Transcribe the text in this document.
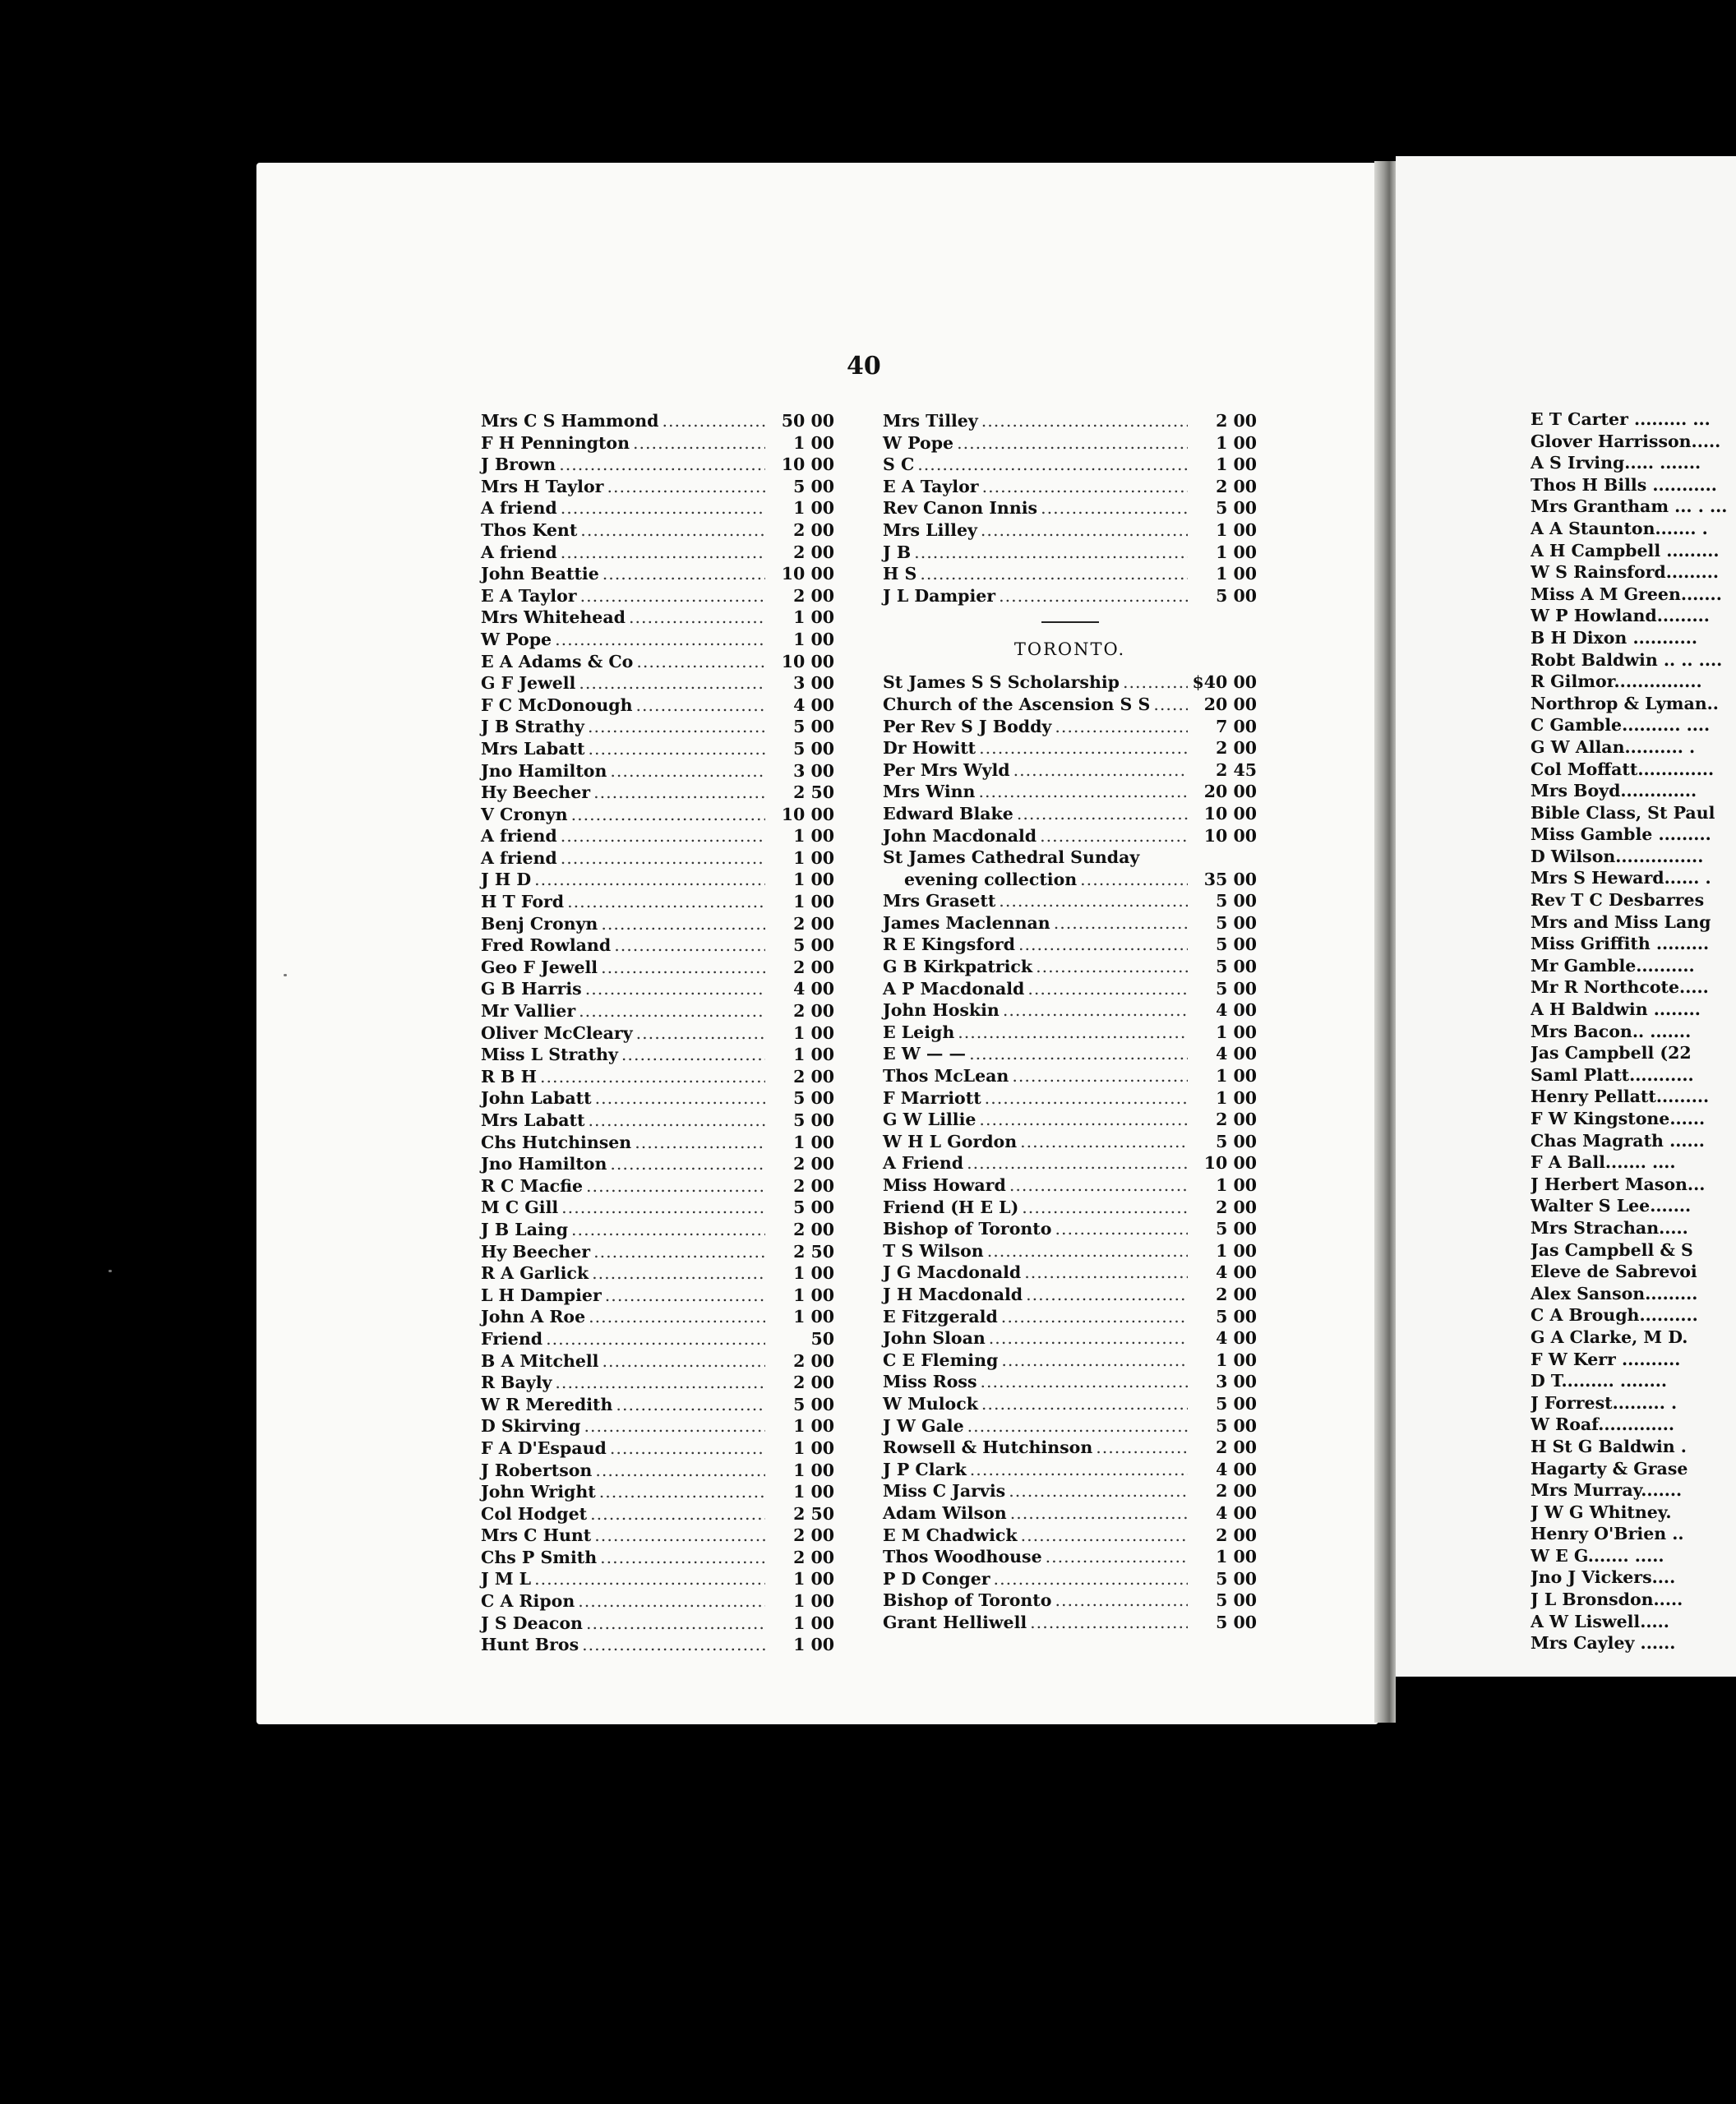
40
Mrs C S Hammond .....	50 00
F H Pennington .....	1 00
J Brown .....	10 00
Mrs H Taylor .....	5 00
A friend .....	1 00
Thos Kent .....	2 00
A friend .....	2 00
John Beattie .....	10 00
E A Taylor .....	2 00
Mrs Whitehead .....	1 00
W Pope .....	1 00
E A Adams & Co .....	10 00
G F Jewell .....	3 00
F C McDonough .....	4 00
J B Strathy .....	5 00
Mrs Labatt .....	5 00
Jno Hamilton .....	3 00
Hy Beecher .....	2 50
V Cronyn .....	10 00
A friend .....	1 00
A friend .....	1 00
J H D .....	1 00
H T Ford .....	1 00
Benj Cronyn .....	2 00
Fred Rowland .....	5 00
Geo F Jewell .....	2 00
G B Harris .....	4 00
Mr Vallier .....	2 00
Oliver McCleary .....	1 00
Miss L Strathy .....	1 00
R B H .....	2 00
John Labatt .....	5 00
Mrs Labatt .....	5 00
Chs Hutchinsen .....	1 00
Jno Hamilton .....	2 00
R C Macfie .....	2 00
M C Gill .....	5 00
J B Laing .....	2 00
Hy Beecher .....	2 50
R A Garlick .....	1 00
L H Dampier .....	1 00
John A Roe .....	1 00
Friend .....	50
B A Mitchell .....	2 00
R Bayly .....	2 00
W R Meredith .....	5 00
D Skirving .....	1 00
F A D'Espaud .....	1 00
J Robertson .....	1 00
John Wright .....	1 00
Col Hodget .....	2 50
Mrs C Hunt .....	2 00
Chs P Smith .....	2 00
J M L .....	1 00
C A Ripon .....	1 00
J S Deacon .....	1 00
Hunt Bros .....	1 00
Mrs Tilley .....	2 00
W Pope .....	1 00
S C .....	1 00
E A Taylor .....	2 00
Rev Canon Innis .....	5 00
Mrs Lilley .....	1 00
J B .....	1 00
H S .....	1 00
J L Dampier .....	5 00
TORONTO.
St James S S Scholarship .....	$40 00
Church of the Ascension S S .....	20 00
Per Rev S J Boddy .....	7 00
Dr Howitt .....	2 00
Per Mrs Wyld .....	2 45
Mrs Winn .....	20 00
Edward Blake .....	10 00
John Macdonald .....	10 00
St James Cathedral Sunday
evening collection .....	35 00
Mrs Grasett .....	5 00
James Maclennan .....	5 00
R E Kingsford .....	5 00
G B Kirkpatrick .....	5 00
A P Macdonald .....	5 00
John Hoskin .....	4 00
E Leigh .....	1 00
E W — — .....	4 00
Thos McLean .....	1 00
F Marriott .....	1 00
G W Lillie .....	2 00
W H L Gordon .....	5 00
A Friend .....	10 00
Miss Howard .....	1 00
Friend (H E L) .....	2 00
Bishop of Toronto .....	5 00
T S Wilson .....	1 00
J G Macdonald .....	4 00
J H Macdonald .....	2 00
E Fitzgerald .....	5 00
John Sloan .....	4 00
C E Fleming .....	1 00
Miss Ross .....	3 00
W Mulock .....	5 00
J W Gale .....	5 00
Rowsell & Hutchinson .....	2 00
J P Clark .....	4 00
Miss C Jarvis .....	2 00
Adam Wilson .....	4 00
E M Chadwick .....	2 00
Thos Woodhouse .....	1 00
P D Conger .....	5 00
Bishop of Toronto .....	5 00
Grant Helliwell .....	5 00
E T Carter ......... ...
Glover Harrisson.....
A S Irving..... .......
Thos H Bills ...........
Mrs Grantham ... . ...
A A Staunton....... .
A H Campbell .........
W S Rainsford.........
Miss A M Green.......
W P Howland.........
B H Dixon ...........
Robt Baldwin .. .. ....
R Gilmor...............
Northrop & Lyman..
C Gamble.......... ....
G W Allan.......... .
Col Moffatt.............
Mrs Boyd.............
Bible Class, St Paul
Miss Gamble .........
D Wilson...............
Mrs S Heward...... .
Rev T C Desbarres
Mrs and Miss Lang
Miss Griffith .........
Mr Gamble..........
Mr R Northcote.....
A H Baldwin ........
Mrs Bacon.. .......
Jas Campbell (22
Saml Platt...........
Henry Pellatt.........
F W Kingstone......
Chas Magrath ......
F A Ball....... ....
J Herbert Mason...
Walter S Lee.......
Mrs Strachan.....
Jas Campbell & S
Eleve de Sabrevoi
Alex Sanson.........
C A Brough..........
G A Clarke, M D.
F W Kerr ..........
D T......... ........
J Forrest......... .
W Roaf.............
H St G Baldwin .
Hagarty & Grase
Mrs Murray.......
J W G Whitney.
Henry O'Brien ..
W E G....... .....
Jno J Vickers....
J L Bronsdon.....
A W Liswell.....
Mrs Cayley ......
